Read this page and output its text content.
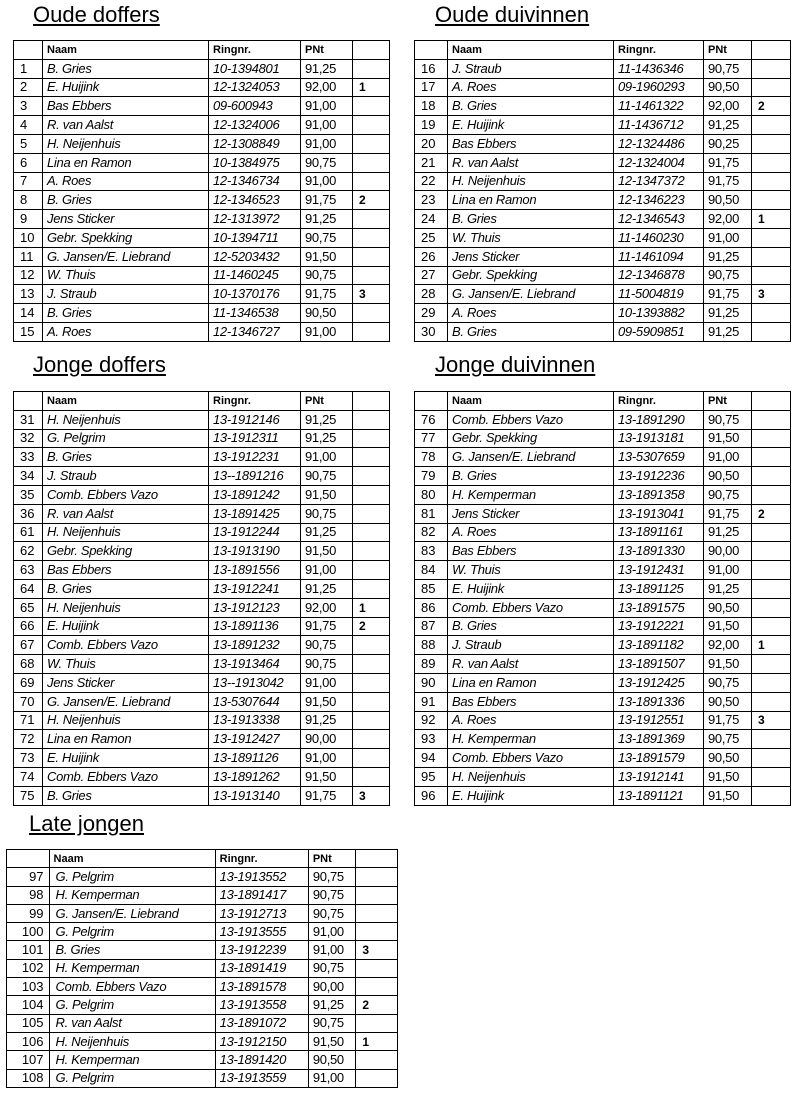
Oude doffers	Oude duivinnen
Jonge doffers	Jonge duivinnen
Late jongen
	Naam	Ringnr.	PNt	
1	B. Gries	10-1394801	91,25	
2	E. Huijink	12-1324053	92,00	1
3	Bas Ebbers	09-600943	91,00	
4	R. van Aalst	12-1324006	91,00	
5	H. Neijenhuis	12-1308849	91,00	
6	Lina en Ramon	10-1384975	90,75	
7	A. Roes	12-1346734	91,00	
8	B. Gries	12-1346523	91,75	2
9	Jens Sticker	12-1313972	91,25	
10	Gebr. Spekking	10-1394711	90,75	
11	G. Jansen/E. Liebrand	12-5203432	91,50	
12	W. Thuis	11-1460245	90,75	
13	J. Straub	10-1370176	91,75	3
14	B. Gries	11-1346538	90,50	
15	A. Roes	12-1346727	91,00	
	Naam	Ringnr.	PNt	
16	J. Straub	11-1436346	90,75	
17	A. Roes	09-1960293	90,50	
18	B. Gries	11-1461322	92,00	2
19	E. Huijink	11-1436712	91,25	
20	Bas Ebbers	12-1324486	90,25	
21	R. van Aalst	12-1324004	91,75	
22	H. Neijenhuis	12-1347372	91,75	
23	Lina en Ramon	12-1346223	90,50	
24	B. Gries	12-1346543	92,00	1
25	W. Thuis	11-1460230	91,00	
26	Jens Sticker	11-1461094	91,25	
27	Gebr. Spekking	12-1346878	90,75	
28	G. Jansen/E. Liebrand	11-5004819	91,75	3
29	A. Roes	10-1393882	91,25	
30	B. Gries	09-5909851	91,25	
	Naam	Ringnr.	PNt	
31	H. Neijenhuis	13-1912146	91,25	
32	G. Pelgrim	13-1912311	91,25	
33	B. Gries	13-1912231	91,00	
34	J. Straub	13--1891216	90,75	
35	Comb. Ebbers Vazo	13-1891242	91,50	
36	R. van Aalst	13-1891425	90,75	
61	H. Neijenhuis	13-1912244	91,25	
62	Gebr. Spekking	13-1913190	91,50	
63	Bas Ebbers	13-1891556	91,00	
64	B. Gries	13-1912241	91,25	
65	H. Neijenhuis	13-1912123	92,00	1
66	E. Huijink	13-1891136	91,75	2
67	Comb. Ebbers Vazo	13-1891232	90,75	
68	W. Thuis	13-1913464	90,75	
69	Jens Sticker	13--1913042	91,00	
70	G. Jansen/E. Liebrand	13-5307644	91,50	
71	H. Neijenhuis	13-1913338	91,25	
72	Lina en Ramon	13-1912427	90,00	
73	E. Huijink	13-1891126	91,00	
74	Comb. Ebbers Vazo	13-1891262	91,50	
75	B. Gries	13-1913140	91,75	3
	Naam	Ringnr.	PNt	
76	Comb. Ebbers Vazo	13-1891290	90,75	
77	Gebr. Spekking	13-1913181	91,50	
78	G. Jansen/E. Liebrand	13-5307659	91,00	
79	B. Gries	13-1912236	90,50	
80	H. Kemperman	13-1891358	90,75	
81	Jens Sticker	13-1913041	91,75	2
82	A. Roes	13-1891161	91,25	
83	Bas Ebbers	13-1891330	90,00	
84	W. Thuis	13-1912431	91,00	
85	E. Huijink	13-1891125	91,25	
86	Comb. Ebbers Vazo	13-1891575	90,50	
87	B. Gries	13-1912221	91,50	
88	J. Straub	13-1891182	92,00	1
89	R. van Aalst	13-1891507	91,50	
90	Lina en Ramon	13-1912425	90,75	
91	Bas Ebbers	13-1891336	90,50	
92	A. Roes	13-1912551	91,75	3
93	H. Kemperman	13-1891369	90,75	
94	Comb. Ebbers Vazo	13-1891579	90,50	
95	H. Neijenhuis	13-1912141	91,50	
96	E. Huijink	13-1891121	91,50	
	Naam	Ringnr.	PNt	
97	G. Pelgrim	13-1913552	90,75	
98	H. Kemperman	13-1891417	90,75	
99	G. Jansen/E. Liebrand	13-1912713	90,75	
100	G. Pelgrim	13-1913555	91,00	
101	B. Gries	13-1912239	91,00	3
102	H. Kemperman	13-1891419	90,75	
103	Comb. Ebbers Vazo	13-1891578	90,00	
104	G. Pelgrim	13-1913558	91,25	2
105	R. van Aalst	13-1891072	90,75	
106	H. Neijenhuis	13-1912150	91,50	1
107	H. Kemperman	13-1891420	90,50	
108	G. Pelgrim	13-1913559	91,00	
